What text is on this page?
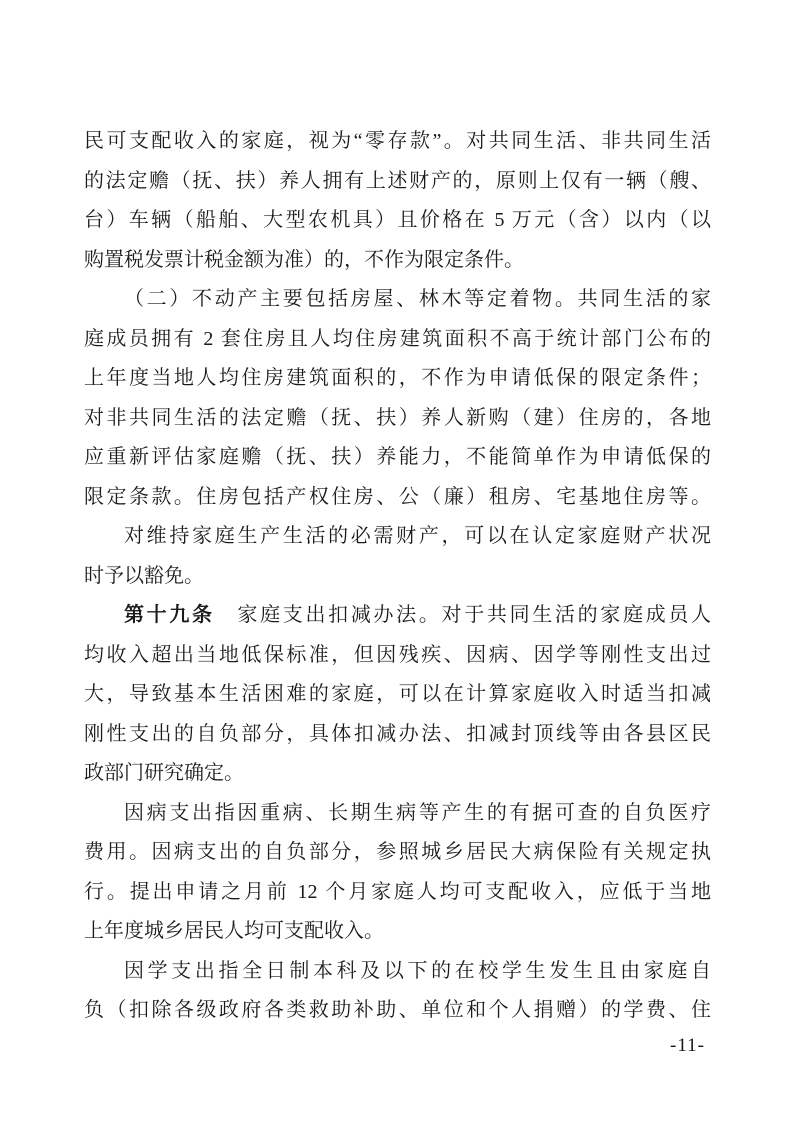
民可支配收入的家庭，视为“零存款”。对共同生活、非共同生活
的法定赡（抚、扶）养人拥有上述财产的，原则上仅有一辆（艘、
台）车辆（船舶、大型农机具）且价格在 5 万元（含）以内（以
购置税发票计税金额为准）的，不作为限定条件。
（二）不动产主要包括房屋、林木等定着物。共同生活的家
庭成员拥有 2 套住房且人均住房建筑面积不高于统计部门公布的
上年度当地人均住房建筑面积的，不作为申请低保的限定条件；
对非共同生活的法定赡（抚、扶）养人新购（建）住房的，各地
应重新评估家庭赡（抚、扶）养能力，不能简单作为申请低保的
限定条款。住房包括产权住房、公（廉）租房、宅基地住房等。
对维持家庭生产生活的必需财产，可以在认定家庭财产状况
时予以豁免。
第十九条　家庭支出扣减办法。对于共同生活的家庭成员人
均收入超出当地低保标准，但因残疾、因病、因学等刚性支出过
大，导致基本生活困难的家庭，可以在计算家庭收入时适当扣减
刚性支出的自负部分，具体扣减办法、扣减封顶线等由各县区民
政部门研究确定。
因病支出指因重病、长期生病等产生的有据可查的自负医疗
费用。因病支出的自负部分，参照城乡居民大病保险有关规定执
行。提出申请之月前 12 个月家庭人均可支配收入，应低于当地
上年度城乡居民人均可支配收入。
因学支出指全日制本科及以下的在校学生发生且由家庭自
负（扣除各级政府各类救助补助、单位和个人捐赠）的学费、住
-11-
